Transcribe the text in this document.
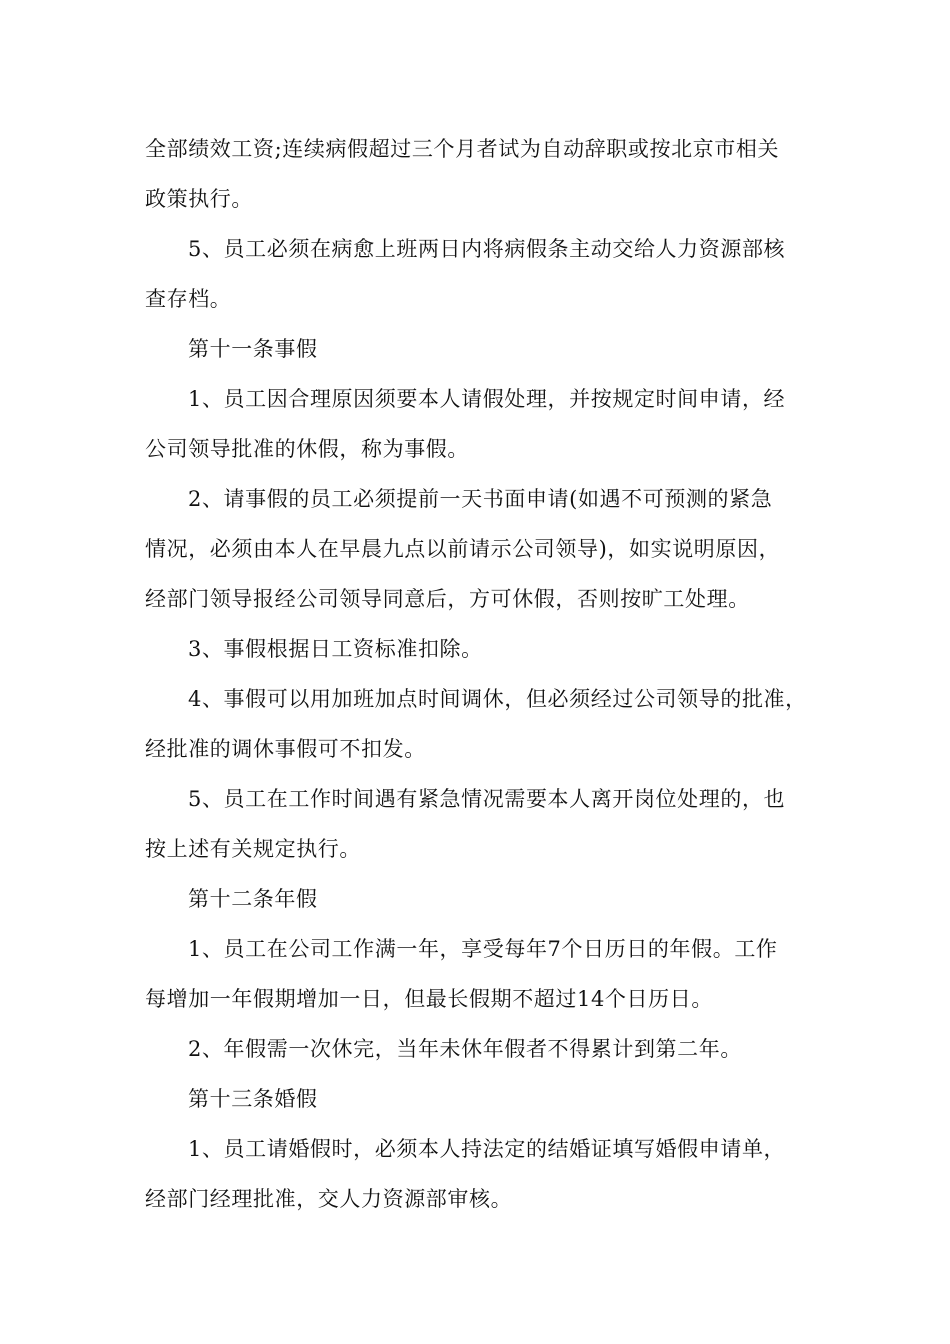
全部绩效工资;连续病假超过三个月者试为自动辞职或按北京市相关

政策执行。

5、员工必须在病愈上班两日内将病假条主动交给人力资源部核

查存档。

第十一条事假

1、员工因合理原因须要本人请假处理，并按规定时间申请，经

公司领导批准的休假，称为事假。

2、请事假的员工必须提前一天书面申请(如遇不可预测的紧急

情况，必须由本人在早晨九点以前请示公司领导)，如实说明原因，

经部门领导报经公司领导同意后，方可休假，否则按旷工处理。

3、事假根据日工资标准扣除。

4、事假可以用加班加点时间调休，但必须经过公司领导的批准，

经批准的调休事假可不扣发。

5、员工在工作时间遇有紧急情况需要本人离开岗位处理的，也

按上述有关规定执行。

第十二条年假

1、员工在公司工作满一年，享受每年7个日历日的年假。工作

每增加一年假期增加一日，但最长假期不超过14个日历日。

2、年假需一次休完，当年未休年假者不得累计到第二年。

第十三条婚假

1、员工请婚假时，必须本人持法定的结婚证填写婚假申请单，

经部门经理批准，交人力资源部审核。
